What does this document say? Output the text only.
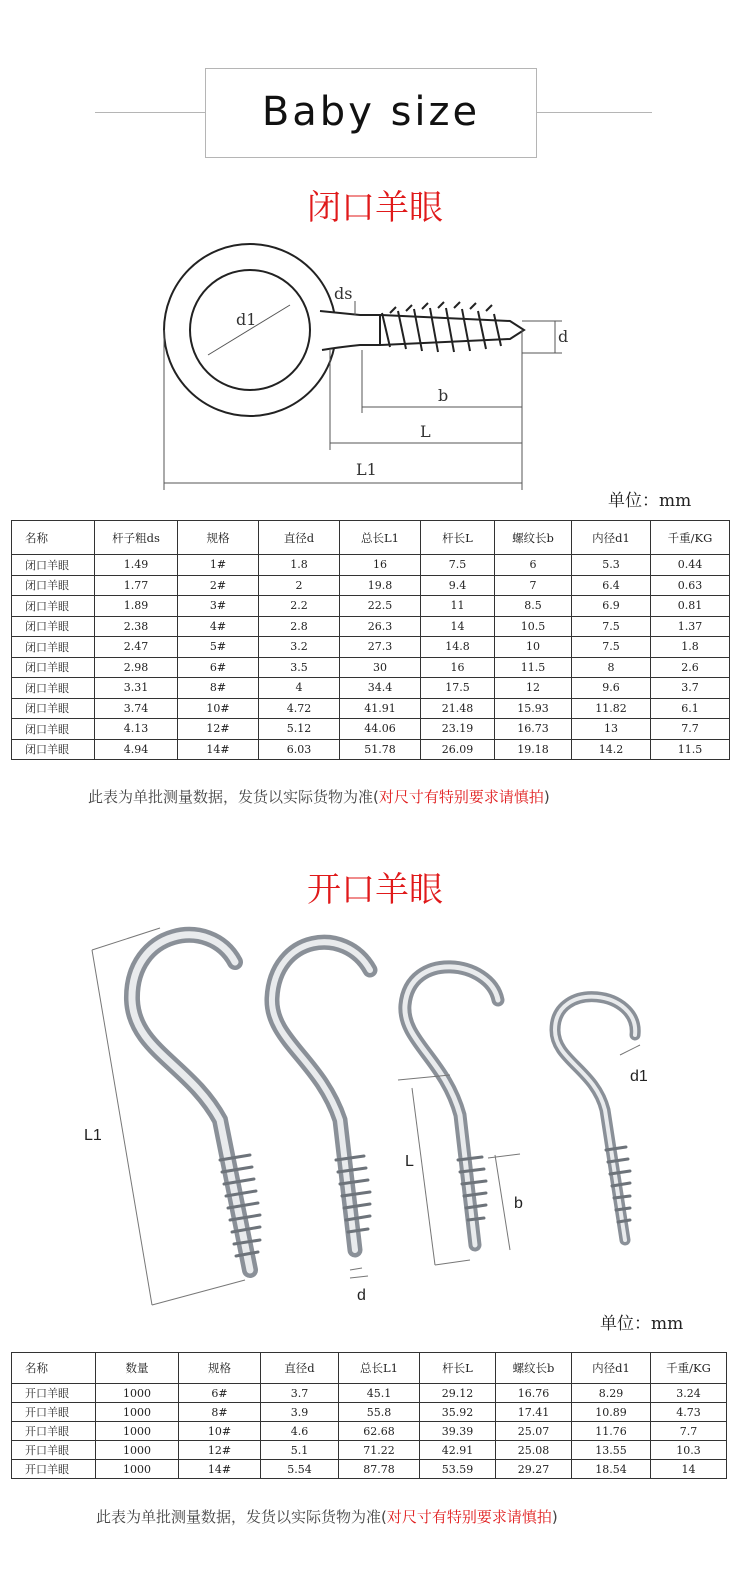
Baby size
闭口羊眼
ds
d1
d
b
L
L1
单位：mm
名称	杆子粗ds	规格	直径d	总长L1	杆长L	螺纹长b	内径d1	千重/KG
闭口羊眼	1.49	1#	1.8	16	7.5	6	5.3	0.44
闭口羊眼	1.77	2#	2	19.8	9.4	7	6.4	0.63
闭口羊眼	1.89	3#	2.2	22.5	11	8.5	6.9	0.81
闭口羊眼	2.38	4#	2.8	26.3	14	10.5	7.5	1.37
闭口羊眼	2.47	5#	3.2	27.3	14.8	10	7.5	1.8
闭口羊眼	2.98	6#	3.5	30	16	11.5	8	2.6
闭口羊眼	3.31	8#	4	34.4	17.5	12	9.6	3.7
闭口羊眼	3.74	10#	4.72	41.91	21.48	15.93	11.82	6.1
闭口羊眼	4.13	12#	5.12	44.06	23.19	16.73	13	7.7
闭口羊眼	4.94	14#	6.03	51.78	26.09	19.18	14.2	11.5
此表为单批测量数据，发货以实际货物为准(对尺寸有特别要求请慎拍)
开口羊眼
L1
L
b
d
d1
单位：mm
名称	数量	规格	直径d	总长L1	杆长L	螺纹长b	内径d1	千重/KG
开口羊眼	1000	6#	3.7	45.1	29.12	16.76	8.29	3.24
开口羊眼	1000	8#	3.9	55.8	35.92	17.41	10.89	4.73
开口羊眼	1000	10#	4.6	62.68	39.39	25.07	11.76	7.7
开口羊眼	1000	12#	5.1	71.22	42.91	25.08	13.55	10.3
开口羊眼	1000	14#	5.54	87.78	53.59	29.27	18.54	14
此表为单批测量数据，发货以实际货物为准(对尺寸有特别要求请慎拍)
